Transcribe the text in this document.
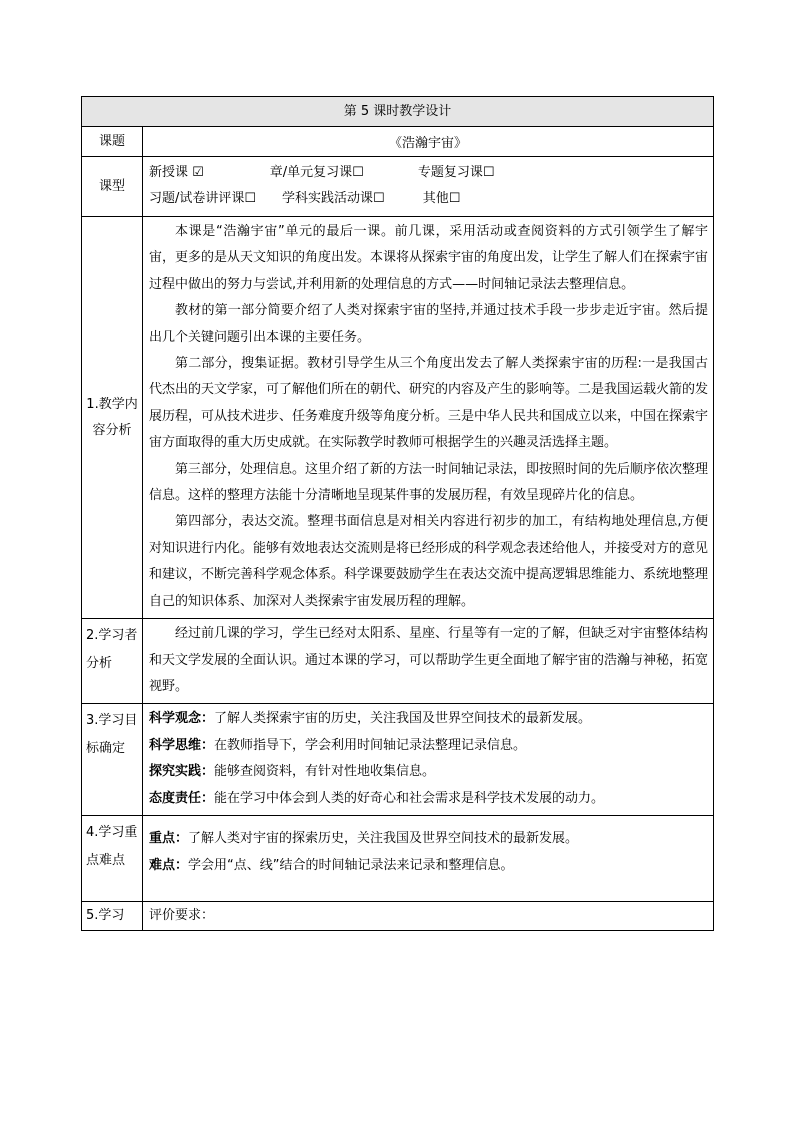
第 5 课时教学设计	
课题	《浩瀚宇宙》
课型	新授课 ☑ 章/单元复习课☐ 专题复习课☐
习题/试卷讲评课☐ 学科实践活动课☐ 其他☐

1.教学内容分析	本课是“浩瀚宇宙”单元的最后一课。前几课，采用活动或查阅资料的方式引领学生了解宇宙，更多的是从天文知识的角度出发。本课将从探索宇宙的角度出发，让学生了解人们在探索宇宙过程中做出的努力与尝试,并利用新的处理信息的方式——时间轴记录法去整理信息。

教材的第一部分简要介绍了人类对探索宇宙的坚持,并通过技术手段一步步走近宇宙。然后提出几个关键问题引出本课的主要任务。

第二部分，搜集证据。教材引导学生从三个角度出发去了解人类探索宇宙的历程:一是我国古代杰出的天文学家，可了解他们所在的朝代、研究的内容及产生的影响等。二是我国运载火箭的发展历程，可从技术进步、任务难度升级等角度分析。三是中华人民共和国成立以来，中国在探索宇宙方面取得的重大历史成就。在实际教学时教师可根据学生的兴趣灵活选择主题。

第三部分，处理信息。这里介绍了新的方法一时间轴记录法，即按照时间的先后顺序依次整理信息。这样的整理方法能十分清晰地呈现某件事的发展历程，有效呈现碎片化的信息。

第四部分，表达交流。整理书面信息是对相关内容进行初步的加工，有结构地处理信息,方便对知识进行内化。能够有效地表达交流则是将已经形成的科学观念表述给他人，并接受对方的意见和建议，不断完善科学观念体系。科学课要鼓励学生在表达交流中提高逻辑思维能力、系统地整理自己的知识体系、加深对人类探索宇宙发展历程的理解。

2.学习者分析	经过前几课的学习，学生已经对太阳系、星座、行星等有一定的了解，但缺乏对宇宙整体结构和天文学发展的全面认识。通过本课的学习，可以帮助学生更全面地了解宇宙的浩瀚与神秘，拓宽视野。

3.学习目标确定	科学观念：了解人类探索宇宙的历史，关注我国及世界空间技术的最新发展。

科学思维：在教师指导下，学会利用时间轴记录法整理记录信息。

探究实践：能够查阅资料，有针对性地收集信息。

态度责任：能在学习中体会到人类的好奇心和社会需求是科学技术发展的动力。

4.学习重点难点	重点：了解人类对宇宙的探索历史，关注我国及世界空间技术的最新发展。

难点：学会用“点、线”结合的时间轴记录法来记录和整理信息。

5.学习	评价要求：
